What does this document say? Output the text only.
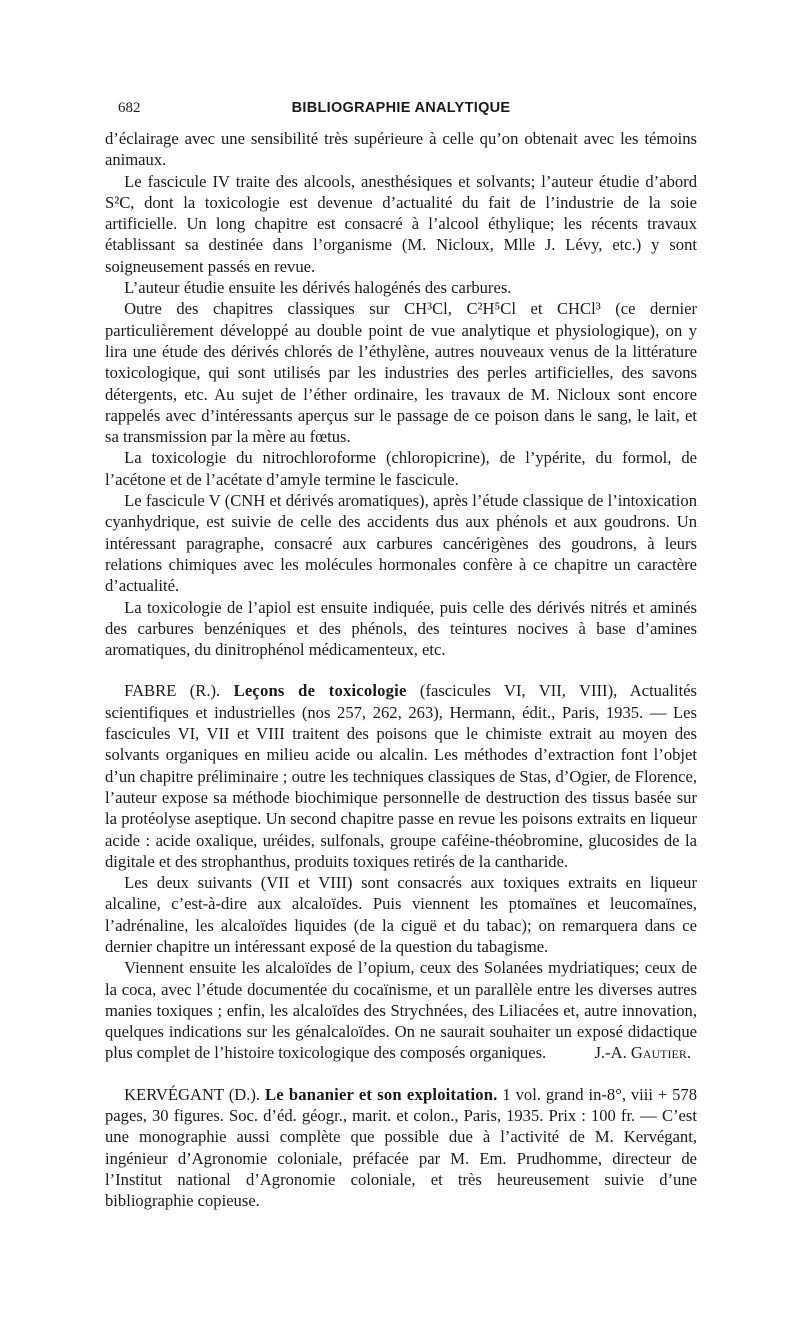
682	BIBLIOGRAPHIE ANALYTIQUE

d’éclairage avec une sensibilité très supérieure à celle qu’on obtenait avec les témoins animaux.

Le fascicule IV traite des alcools, anesthésiques et solvants; l’auteur étudie d’abord S²C, dont la toxicologie est devenue d’actualité du fait de l’industrie de la soie artificielle. Un long chapitre est consacré à l’alcool éthylique; les récents travaux établissant sa destinée dans l’organisme (M. Nicloux, Mlle J. Lévy, etc.) y sont soigneusement passés en revue.

L’auteur étudie ensuite les dérivés halogénés des carbures.

Outre des chapitres classiques sur CH³Cl, C²H⁵Cl et CHCl³ (ce dernier particulièrement développé au double point de vue analytique et physiologique), on y lira une étude des dérivés chlorés de l’éthylène, autres nouveaux venus de la littérature toxicologique, qui sont utilisés par les industries des perles artificielles, des savons détergents, etc. Au sujet de l’éther ordinaire, les travaux de M. Nicloux sont encore rappelés avec d’intéressants aperçus sur le passage de ce poison dans le sang, le lait, et sa transmission par la mère au fœtus.

La toxicologie du nitrochloroforme (chloropicrine), de l’ypérite, du formol, de l’acétone et de l’acétate d’amyle termine le fascicule.

Le fascicule V (CNH et dérivés aromatiques), après l’étude classique de l’intoxication cyanhydrique, est suivie de celle des accidents dus aux phénols et aux goudrons. Un intéressant paragraphe, consacré aux carbures cancérigènes des goudrons, à leurs relations chimiques avec les molécules hormonales confère à ce chapitre un caractère d’actualité.

La toxicologie de l’apiol est ensuite indiquée, puis celle des dérivés nitrés et aminés des carbures benzéniques et des phénols, des teintures nocives à base d’amines aromatiques, du dinitrophénol médicamenteux, etc.

FABRE (R.). Leçons de toxicologie (fascicules VI, VII, VIII), Actualités scientifiques et industrielles (nos 257, 262, 263), Hermann, édit., Paris, 1935. — Les fascicules VI, VII et VIII traitent des poisons que le chimiste extrait au moyen des solvants organiques en milieu acide ou alcalin. Les méthodes d’extraction font l’objet d’un chapitre préliminaire ; outre les techniques classiques de Stas, d’Ogier, de Florence, l’auteur expose sa méthode biochimique personnelle de destruction des tissus basée sur la protéolyse aseptique. Un second chapitre passe en revue les poisons extraits en liqueur acide : acide oxalique, uréides, sulfonals, groupe caféine-théobromine, glucosides de la digitale et des strophanthus, produits toxiques retirés de la cantharide.

Les deux suivants (VII et VIII) sont consacrés aux toxiques extraits en liqueur alcaline, c’est-à-dire aux alcaloïdes. Puis viennent les ptomaïnes et leucomaïnes, l’adrénaline, les alcaloïdes liquides (de la ciguë et du tabac); on remarquera dans ce dernier chapitre un intéressant exposé de la question du tabagisme.

Viennent ensuite les alcaloïdes de l’opium, ceux des Solanées mydriatiques; ceux de la coca, avec l’étude documentée du cocaïnisme, et un parallèle entre les diverses autres manies toxiques ; enfin, les alcaloïdes des Strychnées, des Liliacées et, autre innovation, quelques indications sur les génalcaloïdes. On ne saurait souhaiter un exposé didactique plus complet de l’histoire toxicologique des composés organiques.	J.-A. Gautier.

KERVÉGANT (D.). Le bananier et son exploitation. 1 vol. grand in-8°, viii + 578 pages, 30 figures. Soc. d’éd. géogr., marit. et colon., Paris, 1935. Prix : 100 fr. — C’est une monographie aussi complète que possible due à l’activité de M. Kervégant, ingénieur d’Agronomie coloniale, préfacée par M. Em. Prudhomme, directeur de l’Institut national d’Agronomie coloniale, et très heureusement suivie d’une bibliographie copieuse.
